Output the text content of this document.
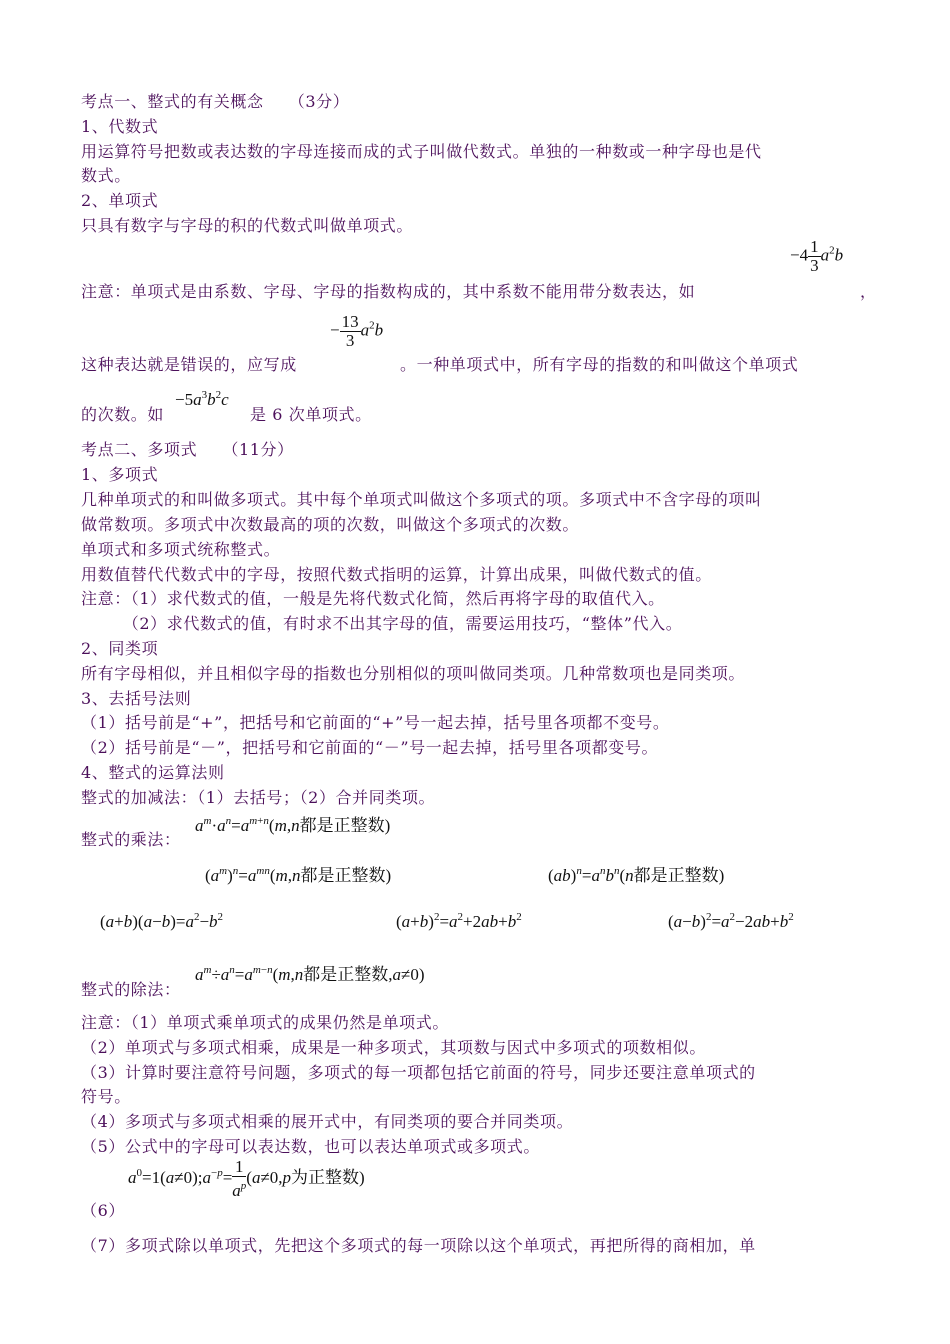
考点一、整式的有关概念　　（3分）
1、代数式
用运算符号把数或表达数的字母连接而成的式子叫做代数式。单独的一种数或一种字母也是代
数式。
2、单项式
只具有数字与字母的积的代数式叫做单项式。
$-4 \frac{1}{3} a^2b$
注意：单项式是由系数、字母、字母的指数构成的，其中系数不能用带分数表达，如	，
− $\frac{13}{3} a^2b$
这种表达就是错误的，应写成	。一种单项式中，所有字母的指数的和叫做这个单项式
$-5a^3b^2c$
的次数。如	是 6 次单项式。
考点二、多项式　　（11分）
1、多项式
几种单项式的和叫做多项式。其中每个单项式叫做这个多项式的项。多项式中不含字母的项叫
做常数项。多项式中次数最高的项的次数，叫做这个多项式的次数。
单项式和多项式统称整式。
用数值替代代数式中的字母，按照代数式指明的运算，计算出成果，叫做代数式的值。
注意：（1）求代数式的值，一般是先将代数式化简，然后再将字母的取值代入。
　　　（2）求代数式的值，有时求不出其字母的值，需要运用技巧，“整体”代入。
2、同类项
所有字母相似，并且相似字母的指数也分别相似的项叫做同类项。几种常数项也是同类项。
3、去括号法则
（1）括号前是“+”，把括号和它前面的“+”号一起去掉，括号里各项都不变号。
（2）括号前是“－”，把括号和它前面的“－”号一起去掉，括号里各项都变号。
4、整式的运算法则
整式的加减法：（1）去括号；（2）合并同类项。
$a^m\cdot a^n=a^{m+n}(m,n$都是正整数)
整式的乘法：
$(a^m)^n=a^{mn}(m,n$都是正整数)	$(ab)^n=a^nb^n(n$都是正整数)
$(a+b)(a-b)=a^2-b^2$	$(a+b)^2=a^2+2ab+b^2$	$(a-b)^2=a^2-2ab+b^2$
$a^m\div a^n=a^{m-n}(m,n$都是正整数,a≠0)
整式的除法：
注意：（1）单项式乘单项式的成果仍然是单项式。
（2）单项式与多项式相乘，成果是一种多项式，其项数与因式中多项式的项数相似。
（3）计算时要注意符号问题，多项式的每一项都包括它前面的符号，同步还要注意单项式的
符号。
（4）多项式与多项式相乘的展开式中，有同类项的要合并同类项。
（5）公式中的字母可以表达数，也可以表达单项式或多项式。
$a^0=1(a\ne 0);a^{-p}= \frac{1}{a^p} (a\ne 0,p$为正整数)
（6）
（7）多项式除以单项式，先把这个多项式的每一项除以这个单项式，再把所得的商相加，单
